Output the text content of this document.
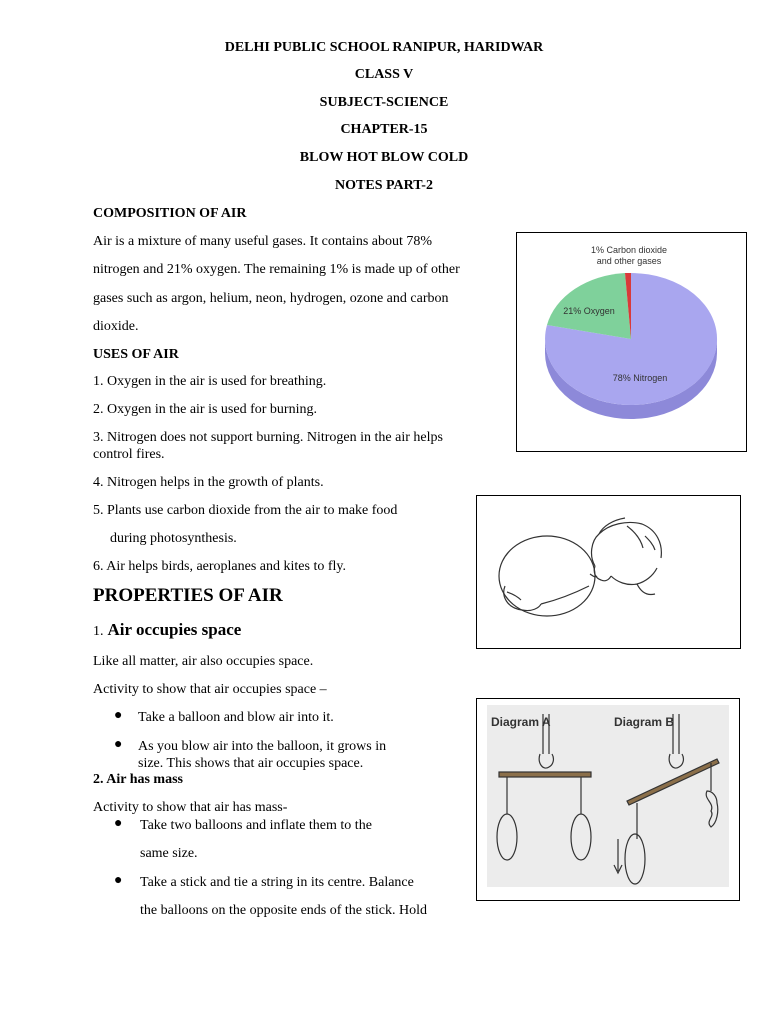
DELHI PUBLIC SCHOOL RANIPUR, HARIDWAR
CLASS V
SUBJECT-SCIENCE
CHAPTER-15
BLOW HOT BLOW COLD
NOTES PART-2
COMPOSITION OF AIR
Air is a mixture of many useful gases. It contains about 78%
nitrogen and 21% oxygen. The remaining 1% is made up of other
gases such as argon, helium, neon, hydrogen, ozone and carbon
dioxide.
1% Carbon dioxide
and other gases
21% Oxygen
78% Nitrogen
USES OF AIR
1. Oxygen in the air is used for breathing.
2. Oxygen in the air is used for burning.
3. Nitrogen does not support burning. Nitrogen in the air helps
control fires.
4. Nitrogen helps in the growth of plants.
5. Plants use carbon dioxide from the air to make food
during photosynthesis.
6. Air helps birds, aeroplanes and kites to fly.
PROPERTIES OF AIR
1. Air occupies space
Like all matter, air also occupies space.
Activity to show that air occupies space –
● Take a balloon and blow air into it.
● As you blow air into the balloon, it grows in
size. This shows that air occupies space.
2. Air has mass
Activity to show that air has mass-
● Take two balloons and inflate them to the
same size.
● Take a stick and tie a string in its centre. Balance
the balloons on the opposite ends of the stick. Hold
Diagram A	Diagram B
